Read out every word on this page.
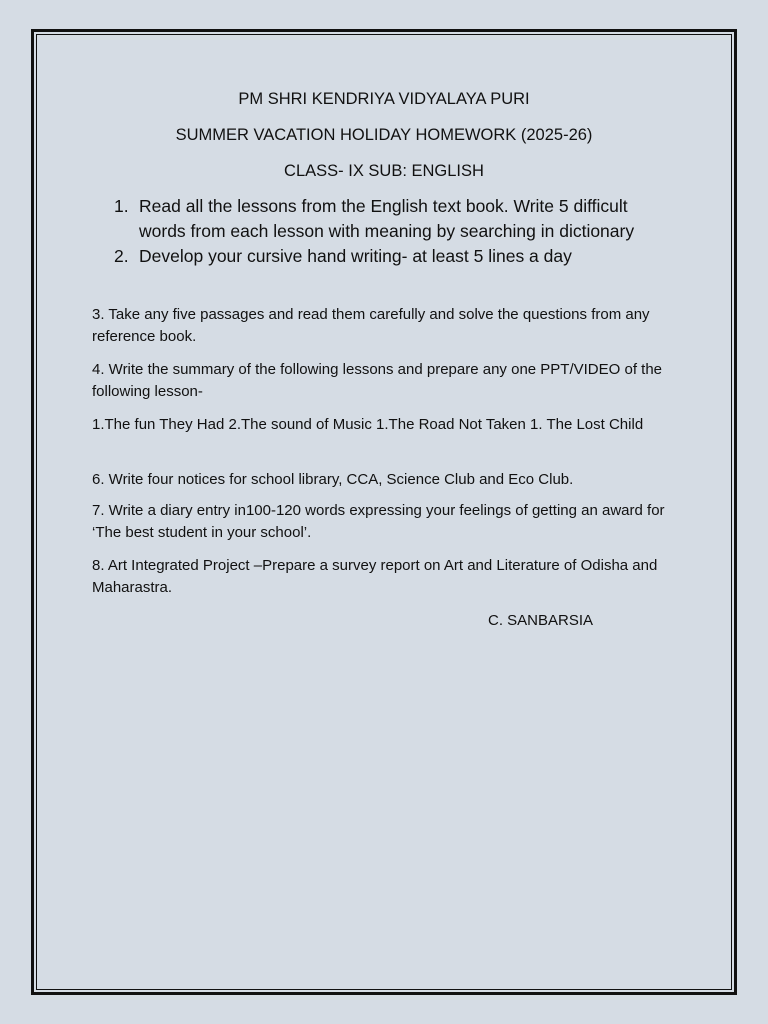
PM SHRI KENDRIYA VIDYALAYA PURI

SUMMER VACATION HOLIDAY HOMEWORK (2025-26)

CLASS- IX SUB: ENGLISH

1. Read all the lessons from the English text book. Write 5 difficult words from each lesson with meaning by searching in dictionary
2. Develop your cursive hand writing- at least 5 lines a day

3. Take any five passages and read them carefully and solve the questions from any reference book.

4. Write the summary of the following lessons and prepare any one PPT/VIDEO of the following lesson-

1.The fun They Had 2.The sound of Music 1.The Road Not Taken 1. The Lost Child

6. Write four notices for school library, CCA, Science Club and Eco Club.

7. Write a diary entry in100-120 words expressing your feelings of getting an award for ‘The best student in your school’.

8. Art Integrated Project –Prepare a survey report on Art and Literature of Odisha and Maharastra.

C. SANBARSIA
